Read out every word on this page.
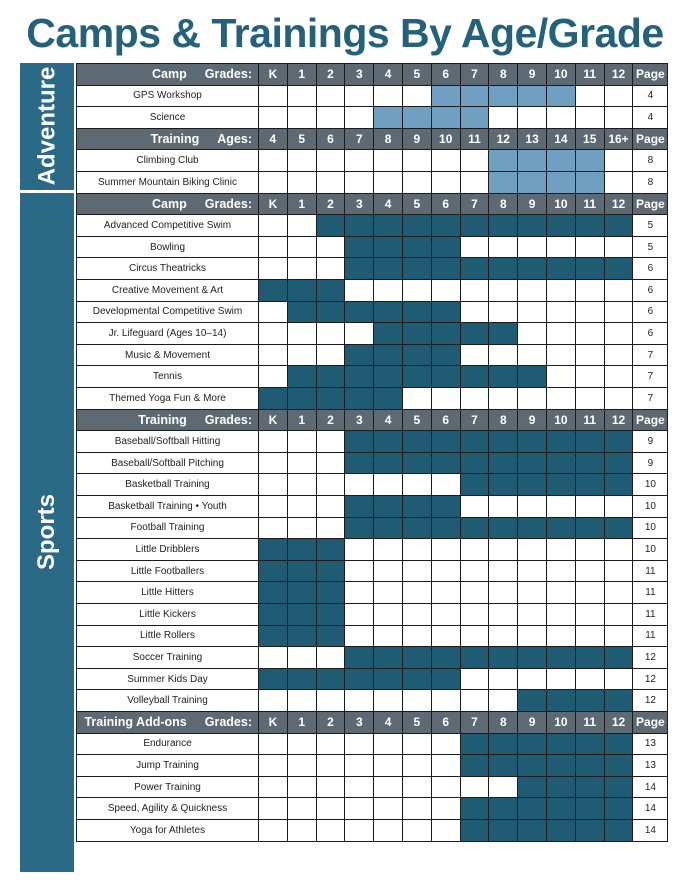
Camps & Trainings By Age/Grade
Camp Grades:	K	1	2	3	4	5	6	7	8	9	10	11	12 Page
GPS Workshop	4
Science	4
Training Ages:	4	5	6	7	8	9	10	11	12	13	14	15 16+ Page
Climbing Club	8
Summer Mountain Biking Clinic	8
Adventure
Camp Grades:	K	1	2	3	4	5	6	7	8	9	10	11	12 Page
Advanced Competitive Swim	5
Bowling	5
Circus Theatricks	6
Creative Movement & Art	6
Developmental Competitive Swim	6
Jr. Lifeguard (Ages 10–14)	6
Music & Movement	7
Tennis	7
Themed Yoga Fun & More	7
Training Grades:	K	1	2	3	4	5	6	7	8	9	10	11	12 Page
Baseball/Softball Hitting	9
Baseball/Softball Pitching	9
Basketball Training	10
Basketball Training • Youth	10
Football Training	10
Little Dribblers	10
Little Footballers	11
Little Hitters	11
Little Kickers	11
Little Rollers	11
Soccer Training	12
Summer Kids Day	12
Volleyball Training	12
Training Add-ons Grades:	K	1	2	3	4	5	6	7	8	9	10	11	12 Page
Endurance	13
Jump Training	13
Power Training	14
Speed, Agility & Quickness	14
Yoga for Athletes	14
Sports
